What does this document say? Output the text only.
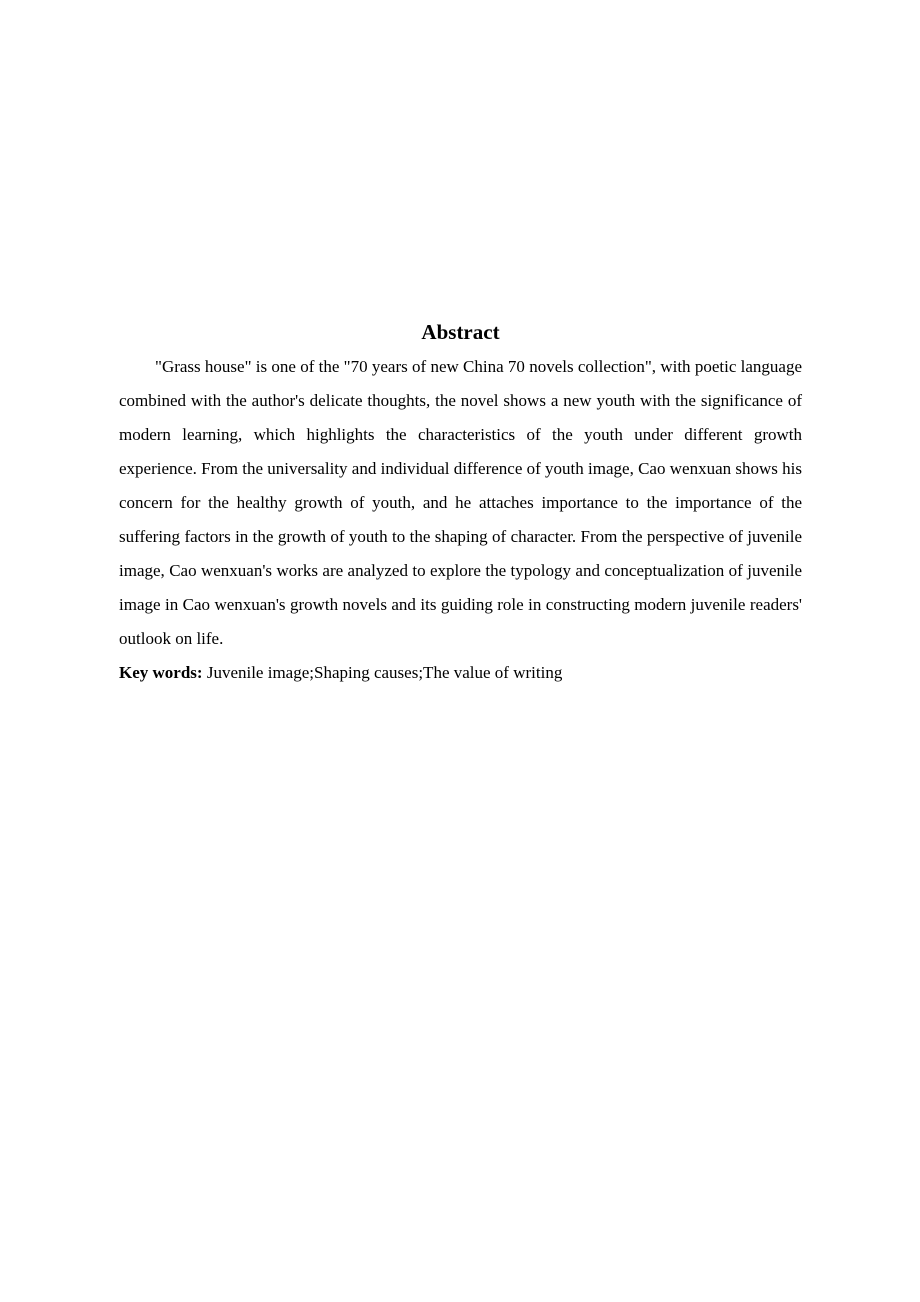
Abstract

"Grass house" is one of the "70 years of new China 70 novels collection", with poetic language combined with the author's delicate thoughts, the novel shows a new youth with the significance of modern learning, which highlights the characteristics of the youth under different growth experience. From the universality and individual difference of youth image, Cao wenxuan shows his concern for the healthy growth of youth, and he attaches importance to the importance of the suffering factors in the growth of youth to the shaping of character. From the perspective of juvenile image, Cao wenxuan's works are analyzed to explore the typology and conceptualization of juvenile image in Cao wenxuan's growth novels and its guiding role in constructing modern juvenile readers' outlook on life.

Key words: Juvenile image;Shaping causes;The value of writing
